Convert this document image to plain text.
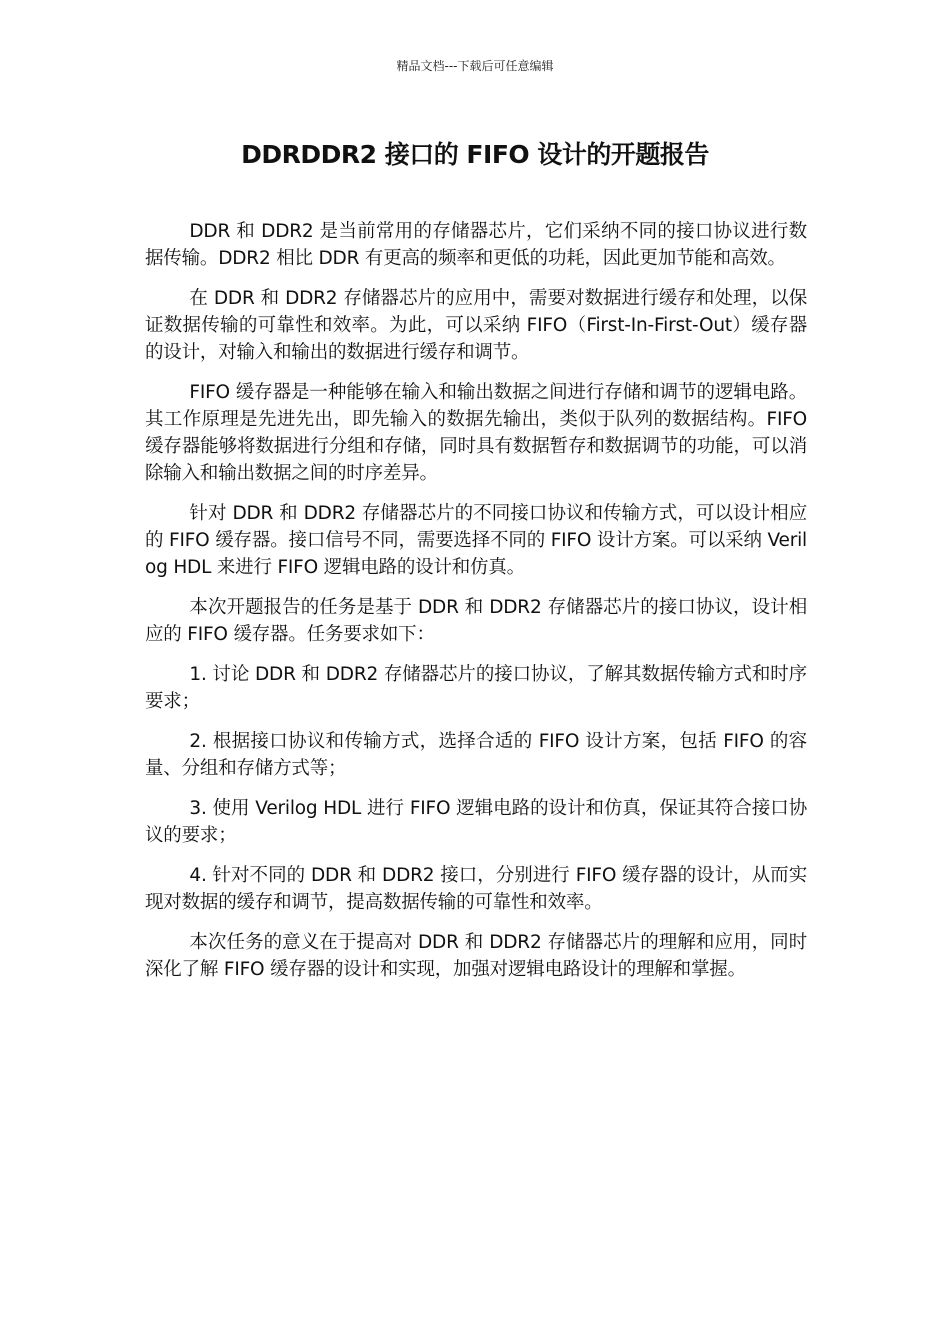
精品文档---下载后可任意编辑
DDRDDR2 接口的 FIFO 设计的开题报告

DDR 和 DDR2 是当前常用的存储器芯片，它们采纳不同的接口协议进行数据传输。DDR2 相比 DDR 有更高的频率和更低的功耗，因此更加节能和高效。

在 DDR 和 DDR2 存储器芯片的应用中，需要对数据进行缓存和处理，以保证数据传输的可靠性和效率。为此，可以采纳 FIFO（First-In-First-Out）缓存器的设计，对输入和输出的数据进行缓存和调节。

FIFO 缓存器是一种能够在输入和输出数据之间进行存储和调节的逻辑电路。其工作原理是先进先出，即先输入的数据先输出，类似于队列的数据结构。FIFO 缓存器能够将数据进行分组和存储，同时具有数据暂存和数据调节的功能，可以消除输入和输出数据之间的时序差异。

针对 DDR 和 DDR2 存储器芯片的不同接口协议和传输方式，可以设计相应的 FIFO 缓存器。接口信号不同，需要选择不同的 FIFO 设计方案。可以采纳 Verilog HDL 来进行 FIFO 逻辑电路的设计和仿真。

本次开题报告的任务是基于 DDR 和 DDR2 存储器芯片的接口协议，设计相应的 FIFO 缓存器。任务要求如下：

1. 讨论 DDR 和 DDR2 存储器芯片的接口协议，了解其数据传输方式和时序要求；

2. 根据接口协议和传输方式，选择合适的 FIFO 设计方案，包括 FIFO 的容量、分组和存储方式等；

3. 使用 Verilog HDL 进行 FIFO 逻辑电路的设计和仿真，保证其符合接口协议的要求；

4. 针对不同的 DDR 和 DDR2 接口，分别进行 FIFO 缓存器的设计，从而实现对数据的缓存和调节，提高数据传输的可靠性和效率。

本次任务的意义在于提高对 DDR 和 DDR2 存储器芯片的理解和应用，同时深化了解 FIFO 缓存器的设计和实现，加强对逻辑电路设计的理解和掌握。
